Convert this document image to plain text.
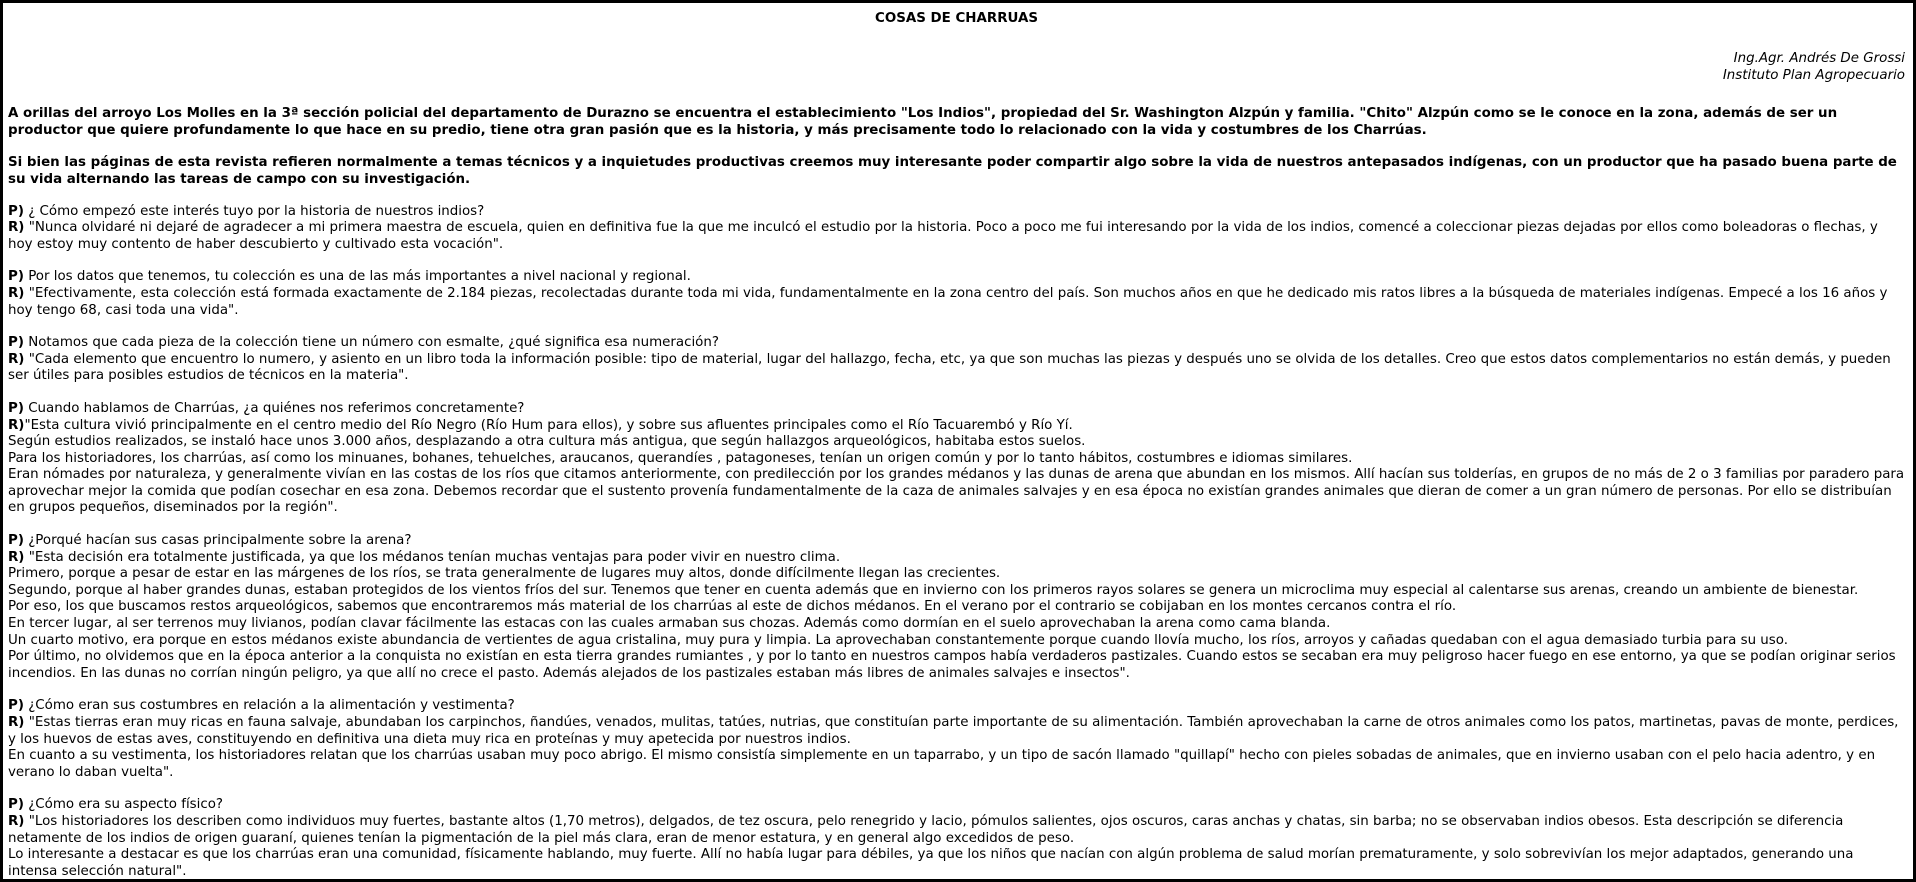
COSAS DE CHARRUAS
Ing.Agr. Andrés De Grossi
Instituto Plan Agropecuario
A orillas del arroyo Los Molles en la 3ª sección policial del departamento de Durazno se encuentra el establecimiento "Los Indios", propiedad del Sr. Washington Alzpún y familia. "Chito" Alzpún como se le conoce en la zona, además de ser un productor que quiere profundamente lo que hace en su predio, tiene otra gran pasión que es la historia, y más precisamente todo lo relacionado con la vida y costumbres de los Charrúas.
Si bien las páginas de esta revista refieren normalmente a temas técnicos y a inquietudes productivas creemos muy interesante poder compartir algo sobre la vida de nuestros antepasados indígenas, con un productor que ha pasado buena parte de su vida alternando las tareas de campo con su investigación.
P) ¿ Cómo empezó este interés tuyo por la historia de nuestros indios?
R) "Nunca olvidaré ni dejaré de agradecer a mi primera maestra de escuela, quien en definitiva fue la que me inculcó el estudio por la historia. Poco a poco me fui interesando por la vida de los indios, comencé a coleccionar piezas dejadas por ellos como boleadoras o flechas, y hoy estoy muy contento de haber descubierto y cultivado esta vocación".
P) Por los datos que tenemos, tu colección es una de las más importantes a nivel nacional y regional.
R) "Efectivamente, esta colección está formada exactamente de 2.184 piezas, recolectadas durante toda mi vida, fundamentalmente en la zona centro del país. Son muchos años en que he dedicado mis ratos libres a la búsqueda de materiales indígenas. Empecé a los 16 años y hoy tengo 68, casi toda una vida".
P) Notamos que cada pieza de la colección tiene un número con esmalte, ¿qué significa esa numeración?
R) "Cada elemento que encuentro lo numero, y asiento en un libro toda la información posible: tipo de material, lugar del hallazgo, fecha, etc, ya que son muchas las piezas y después uno se olvida de los detalles. Creo que estos datos complementarios no están demás, y pueden ser útiles para posibles estudios de técnicos en la materia".
P) Cuando hablamos de Charrúas, ¿a quiénes nos referimos concretamente?
R)"Esta cultura vivió principalmente en el centro medio del Río Negro (Río Hum para ellos), y sobre sus afluentes principales como el Río Tacuarembó y Río Yí.
Según estudios realizados, se instaló hace unos 3.000 años, desplazando a otra cultura más antigua, que según hallazgos arqueológicos, habitaba estos suelos.
Para los historiadores, los charrúas, así como los minuanes, bohanes, tehuelches, araucanos, querandíes , patagoneses, tenían un origen común y por lo tanto hábitos, costumbres e idiomas similares.
Eran nómades por naturaleza, y generalmente vivían en las costas de los ríos que citamos anteriormente, con predilección por los grandes médanos y las dunas de arena que abundan en los mismos. Allí hacían sus tolderías, en grupos de no más de 2 o 3 familias por paradero para aprovechar mejor la comida que podían cosechar en esa zona. Debemos recordar que el sustento provenía fundamentalmente de la caza de animales salvajes y en esa época no existían grandes animales que dieran de comer a un gran número de personas. Por ello se distribuían en grupos pequeños, diseminados por la región".
P) ¿Porqué hacían sus casas principalmente sobre la arena?
R) "Esta decisión era totalmente justificada, ya que los médanos tenían muchas ventajas para poder vivir en nuestro clima.
Primero, porque a pesar de estar en las márgenes de los ríos, se trata generalmente de lugares muy altos, donde difícilmente llegan las crecientes.
Segundo, porque al haber grandes dunas, estaban protegidos de los vientos fríos del sur. Tenemos que tener en cuenta además que en invierno con los primeros rayos solares se genera un microclima muy especial al calentarse sus arenas, creando un ambiente de bienestar.
Por eso, los que buscamos restos arqueológicos, sabemos que encontraremos más material de los charrúas al este de dichos médanos. En el verano por el contrario se cobijaban en los montes cercanos contra el río.
En tercer lugar, al ser terrenos muy livianos, podían clavar fácilmente las estacas con las cuales armaban sus chozas. Además como dormían en el suelo aprovechaban la arena como cama blanda.
Un cuarto motivo, era porque en estos médanos existe abundancia de vertientes de agua cristalina, muy pura y limpia. La aprovechaban constantemente porque cuando llovía mucho, los ríos, arroyos y cañadas quedaban con el agua demasiado turbia para su uso.
Por último, no olvidemos que en la época anterior a la conquista no existían en esta tierra grandes rumiantes , y por lo tanto en nuestros campos había verdaderos pastizales. Cuando estos se secaban era muy peligroso hacer fuego en ese entorno, ya que se podían originar serios incendios. En las dunas no corrían ningún peligro, ya que allí no crece el pasto. Además alejados de los pastizales estaban más libres de animales salvajes e insectos".
P) ¿Cómo eran sus costumbres en relación a la alimentación y vestimenta?
R) "Estas tierras eran muy ricas en fauna salvaje, abundaban los carpinchos, ñandúes, venados, mulitas, tatúes, nutrias, que constituían parte importante de su alimentación. También aprovechaban la carne de otros animales como los patos, martinetas, pavas de monte, perdices, y los huevos de estas aves, constituyendo en definitiva una dieta muy rica en proteínas y muy apetecida por nuestros indios.
En cuanto a su vestimenta, los historiadores relatan que los charrúas usaban muy poco abrigo. El mismo consistía simplemente en un taparrabo, y un tipo de sacón llamado "quillapí" hecho con pieles sobadas de animales, que en invierno usaban con el pelo hacia adentro, y en verano lo daban vuelta".
P) ¿Cómo era su aspecto físico?
R) "Los historiadores los describen como individuos muy fuertes, bastante altos (1,70 metros), delgados, de tez oscura, pelo renegrido y lacio, pómulos salientes, ojos oscuros, caras anchas y chatas, sin barba; no se observaban indios obesos. Esta descripción se diferencia netamente de los indios de origen guaraní, quienes tenían la pigmentación de la piel más clara, eran de menor estatura, y en general algo excedidos de peso.
Lo interesante a destacar es que los charrúas eran una comunidad, físicamente hablando, muy fuerte. Allí no había lugar para débiles, ya que los niños que nacían con algún problema de salud morían prematuramente, y solo sobrevivían los mejor adaptados, generando una intensa selección natural".
